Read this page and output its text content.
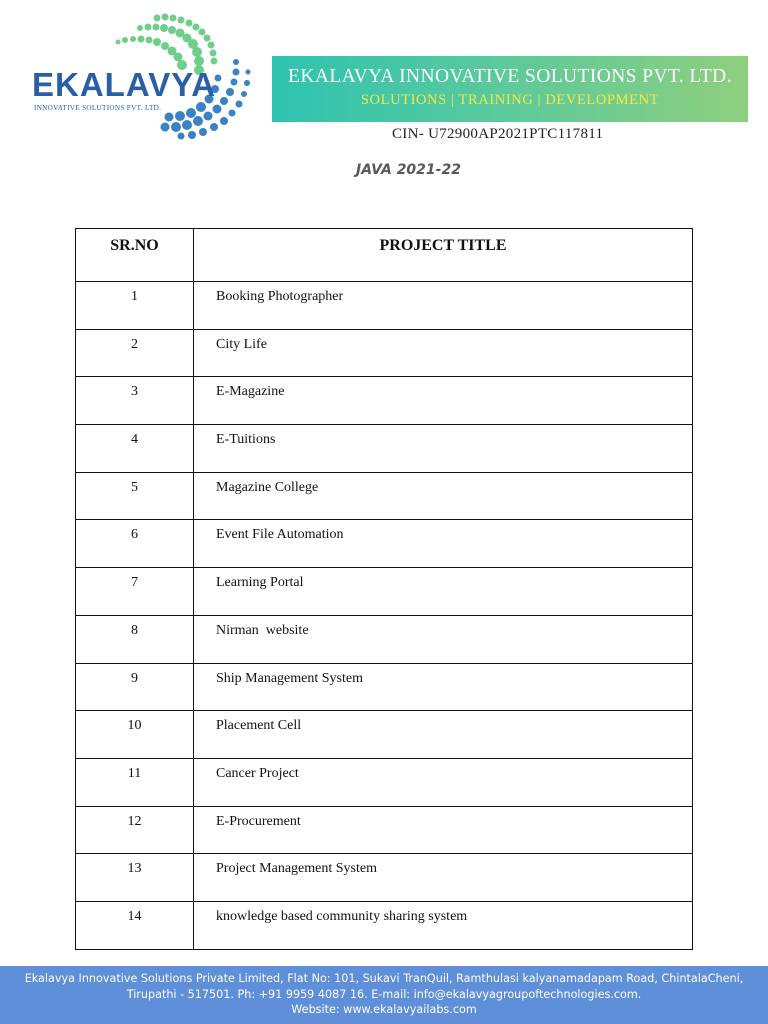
EKALAVYA
INNOVATIVE SOLUTIONS PVT. LTD.
EKALAVYA INNOVATIVE SOLUTIONS PVT. LTD.
SOLUTIONS | TRAINING | DEVELOPMENT
CIN- U72900AP2021PTC117811
JAVA 2021-22
SR.NO	PROJECT TITLE
1	Booking Photographer
2	City Life
3	E-Magazine
4	E-Tuitions
5	Magazine College
6	Event File Automation
7	Learning Portal
8	Nirman  website
9	Ship Management System
10	Placement Cell
11	Cancer Project
12	E-Procurement
13	Project Management System
14	knowledge based community sharing system
Ekalavya Innovative Solutions Private Limited, Flat No: 101, Sukavi TranQuil, Ramthulasi kalyanamadapam Road, ChintalaCheni,
Tirupathi - 517501. Ph: +91 9959 4087 16. E-mail: info@ekalavyagroupoftechnologies.com.
Website: www.ekalavyailabs.com
